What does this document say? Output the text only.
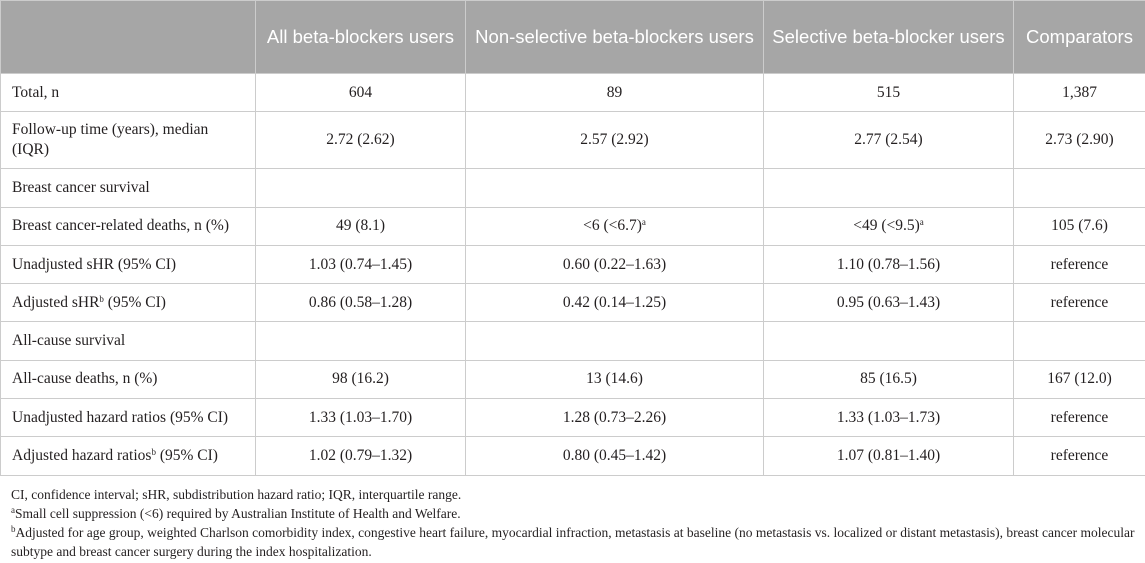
	All beta-blockers users	Non-selective beta-blockers users	Selective beta-blocker users	Comparators
Total, n	604	89	515	1,387
Follow-up time (years), median (IQR)	2.72 (2.62)	2.57 (2.92)	2.77 (2.54)	2.73 (2.90)
Breast cancer survival				
Breast cancer-related deaths, n (%)	49 (8.1)	<6 (<6.7)$^a$	<49 (<9.5)$^a$	105 (7.6)
Unadjusted sHR (95% CI)	1.03 (0.74–1.45)	0.60 (0.22–1.63)	1.10 (0.78–1.56)	reference
Adjusted sHR$^b$ (95% CI)	0.86 (0.58–1.28)	0.42 (0.14–1.25)	0.95 (0.63–1.43)	reference
All-cause survival				
All-cause deaths, n (%)	98 (16.2)	13 (14.6)	85 (16.5)	167 (12.0)
Unadjusted hazard ratios (95% CI)	1.33 (1.03–1.70)	1.28 (0.73–2.26)	1.33 (1.03–1.73)	reference
Adjusted hazard ratios$^b$ (95% CI)	1.02 (0.79–1.32)	0.80 (0.45–1.42)	1.07 (0.81–1.40)	reference

CI, confidence interval; sHR, subdistribution hazard ratio; IQR, interquartile range.

$^a$Small cell suppression (<6) required by Australian Institute of Health and Welfare.

$^b$Adjusted for age group, weighted Charlson comorbidity index, congestive heart failure, myocardial infraction, metastasis at baseline (no metastasis vs. localized or distant metastasis), breast cancer molecular subtype and breast cancer surgery during the index hospitalization.
